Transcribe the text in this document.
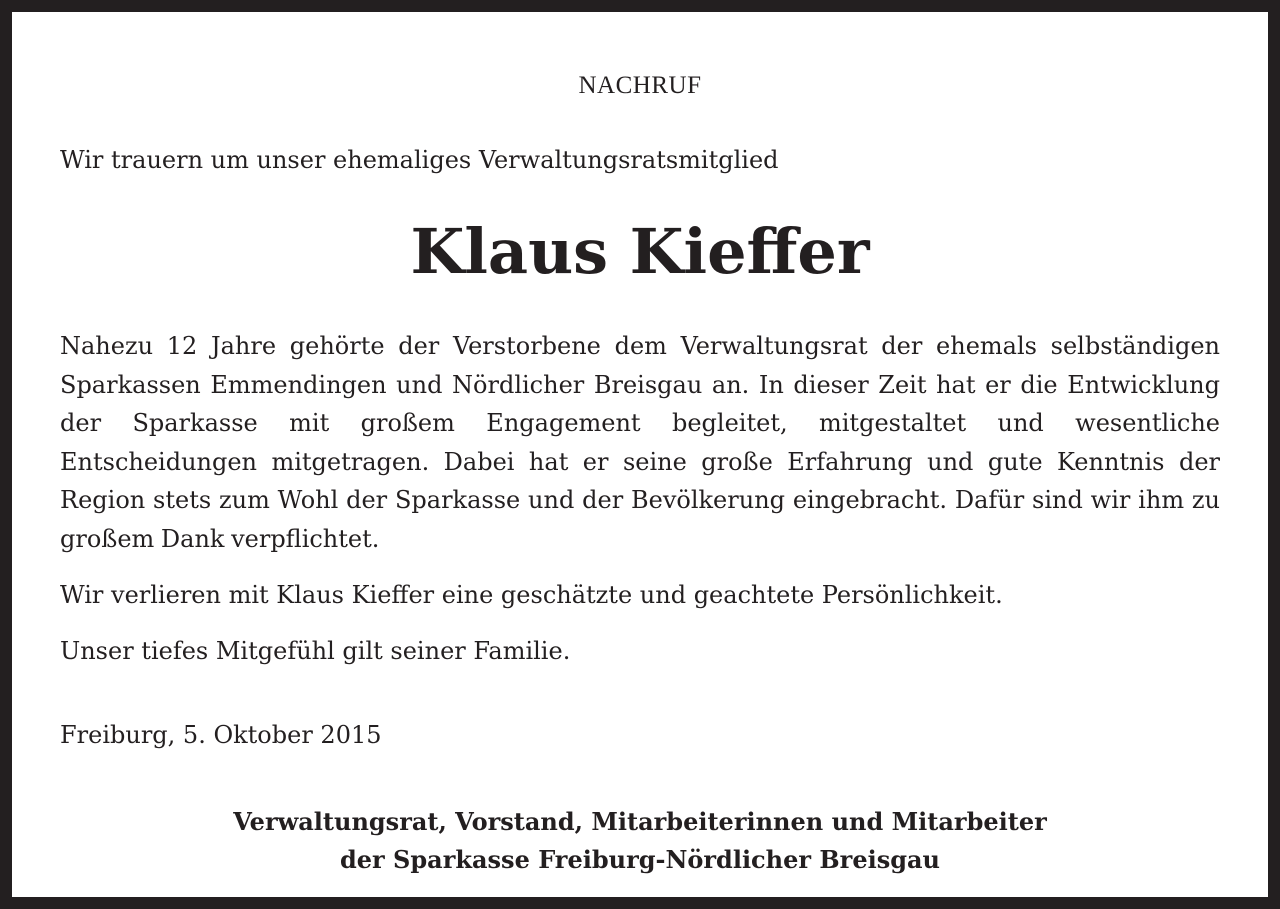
NACHRUF
Wir trauern um unser ehemaliges Verwaltungsratsmitglied
Klaus Kieffer
Nahezu 12 Jahre gehörte der Verstorbene dem Verwaltungsrat der ehemals selbständigen Sparkassen Emmendingen und Nördlicher Breisgau an. In dieser Zeit hat er die Entwicklung der Sparkasse mit großem Engagement begleitet, mitgestaltet und wesentliche Entscheidungen mitgetragen. Dabei hat er seine große Erfahrung und gute Kenntnis der Region stets zum Wohl der Sparkasse und der Bevölkerung eingebracht. Dafür sind wir ihm zu großem Dank verpflichtet.
Wir verlieren mit Klaus Kieffer eine geschätzte und geachtete Persönlichkeit.
Unser tiefes Mitgefühl gilt seiner Familie.
Freiburg, 5. Oktober 2015
Verwaltungsrat, Vorstand, Mitarbeiterinnen und Mitarbeiter
der Sparkasse Freiburg-Nördlicher Breisgau
